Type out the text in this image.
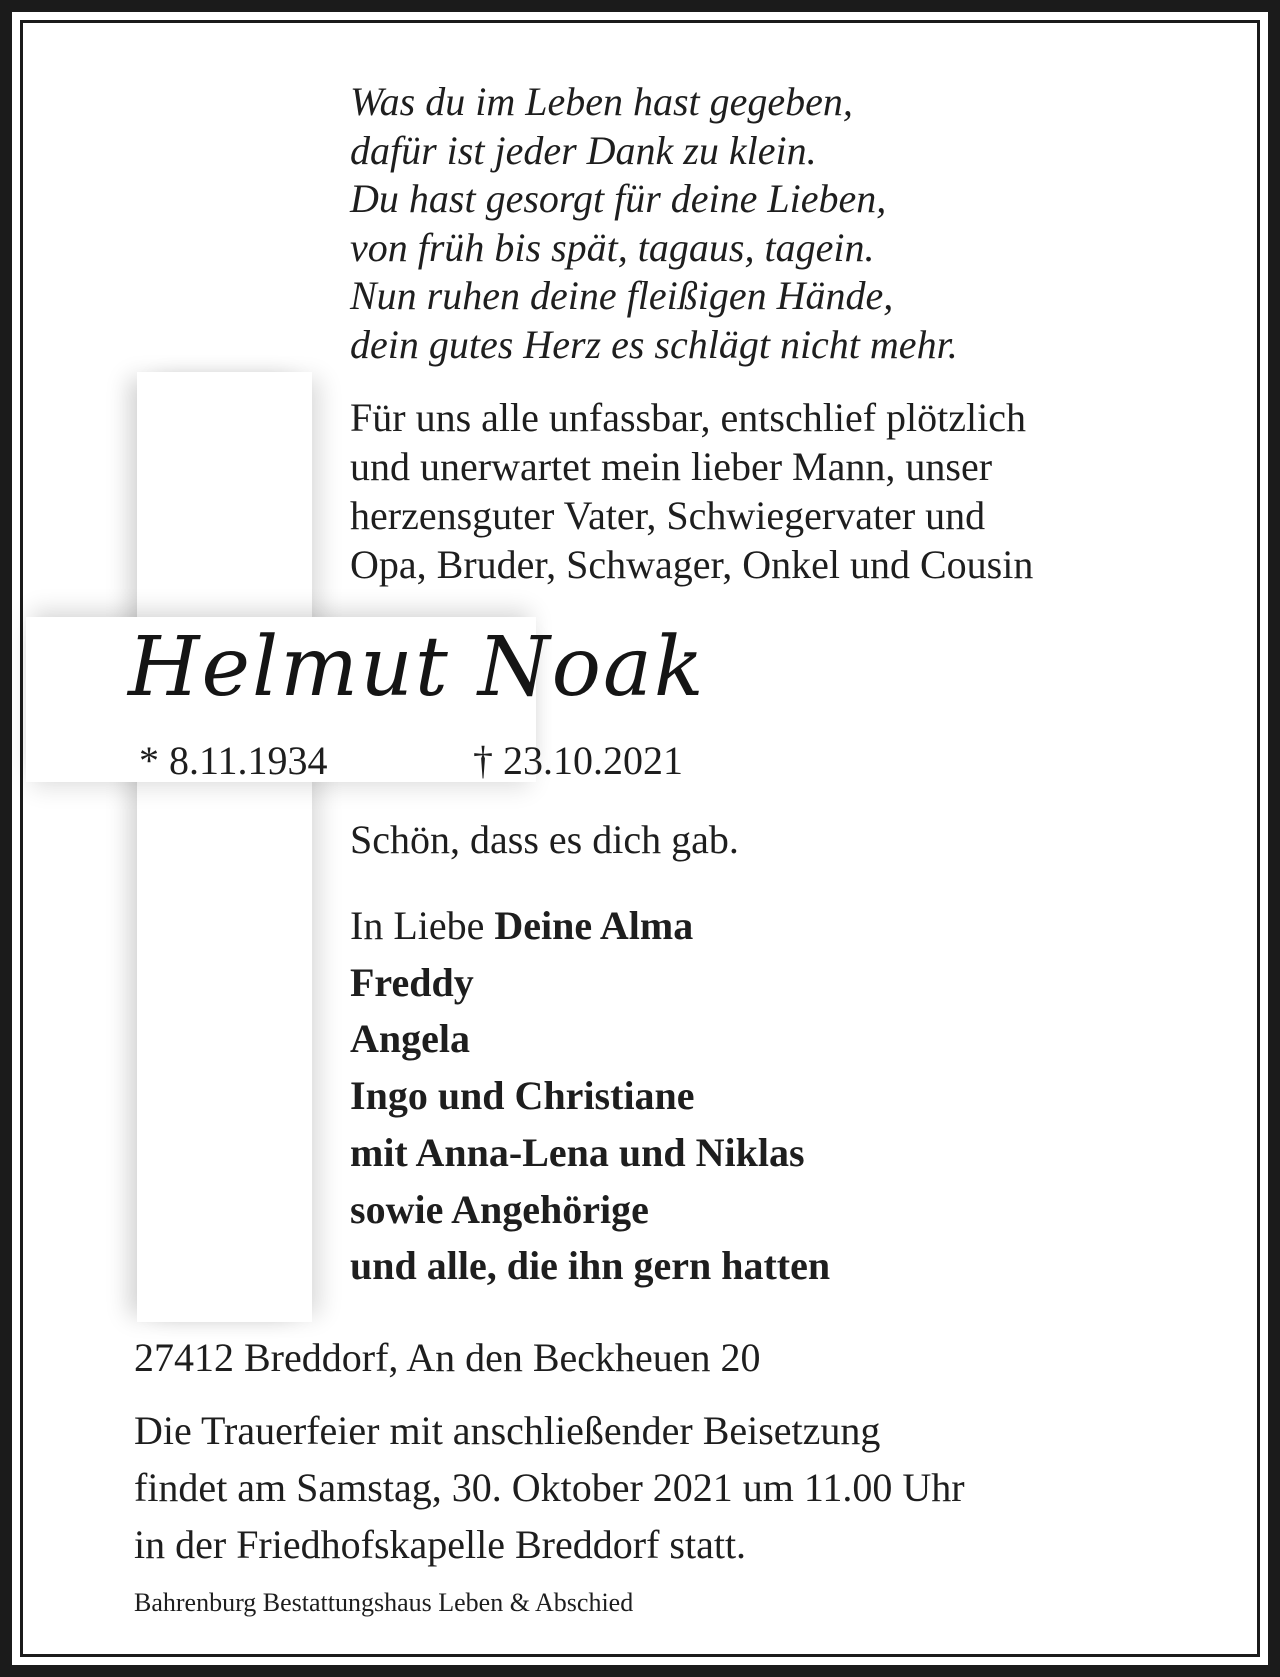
Was du im Leben hast gegeben,
dafür ist jeder Dank zu klein.
Du hast gesorgt für deine Lieben,
von früh bis spät, tagaus, tagein.
Nun ruhen deine fleißigen Hände,
dein gutes Herz es schlägt nicht mehr.
Für uns alle unfassbar, entschlief plötzlich
und unerwartet mein lieber Mann, unser
herzensguter Vater, Schwiegervater und
Opa, Bruder, Schwager, Onkel und Cousin
Helmut Noak
* 8.11.1934	† 23.10.2021
Schön, dass es dich gab.
In Liebe Deine Alma
Freddy
Angela
Ingo und Christiane
mit Anna-Lena und Niklas
sowie Angehörige
und alle, die ihn gern hatten
27412 Breddorf, An den Beckheuen 20
Die Trauerfeier mit anschließender Beisetzung
findet am Samstag, 30. Oktober 2021 um 11.00 Uhr
in der Friedhofskapelle Breddorf statt.
Bahrenburg Bestattungshaus Leben & Abschied
